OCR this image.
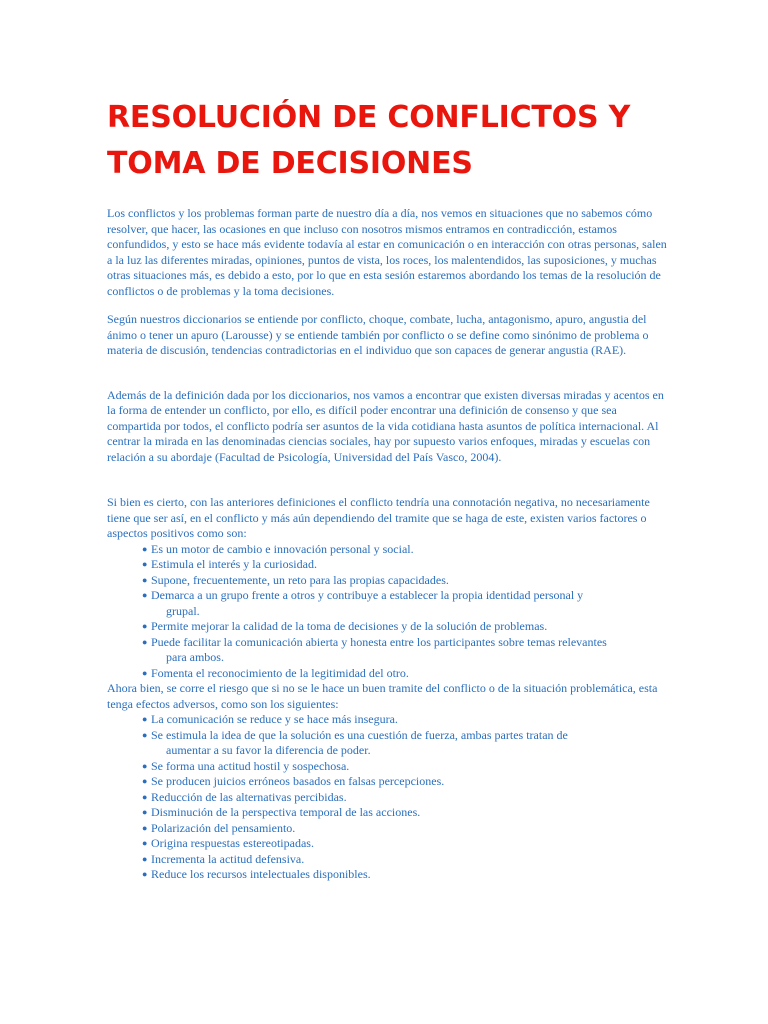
RESOLUCIÓN DE CONFLICTOS Y
TOMA DE DECISIONES

Los conflictos y los problemas forman parte de nuestro día a día, nos vemos en situaciones que no sabemos cómo resolver, que hacer, las ocasiones en que incluso con nosotros mismos entramos en contradicción, estamos confundidos, y esto se hace más evidente todavía al estar en comunicación o en interacción con otras personas, salen a la luz las diferentes miradas, opiniones, puntos de vista, los roces, los malentendidos, las suposiciones, y muchas otras situaciones más, es debido a esto, por lo que en esta sesión estaremos abordando los temas de la resolución de conflictos o de problemas y la toma decisiones.

Según nuestros diccionarios se entiende por conflicto, choque, combate, lucha, antagonismo, apuro, angustia del ánimo o tener un apuro (Larousse) y se entiende también por conflicto o se define como sinónimo de problema o materia de discusión, tendencias contradictorias en el individuo que son capaces de generar angustia (RAE).

Además de la definición dada por los diccionarios, nos vamos a encontrar que existen diversas miradas y acentos en la forma de entender un conflicto, por ello, es difícil poder encontrar una definición de consenso y que sea compartida por todos, el conflicto podría ser asuntos de la vida cotidiana hasta asuntos de política internacional. Al centrar la mirada en las denominadas ciencias sociales, hay por supuesto varios enfoques, miradas y escuelas con relación a su abordaje (Facultad de Psicología, Universidad del País Vasco, 2004).

Si bien es cierto, con las anteriores definiciones el conflicto tendría una connotación negativa, no necesariamente tiene que ser así, en el conflicto y más aún dependiendo del tramite que se haga de este, existen varios factores o aspectos positivos como son:

● Es un motor de cambio e innovación personal y social.
● Estimula el interés y la curiosidad.
● Supone, frecuentemente, un reto para las propias capacidades.
● Demarca a un grupo frente a otros y contribuye a establecer la propia identidad personal y
grupal.
● Permite mejorar la calidad de la toma de decisiones y de la solución de problemas.
● Puede facilitar la comunicación abierta y honesta entre los participantes sobre temas relevantes
para ambos.
● Fomenta el reconocimiento de la legitimidad del otro.

Ahora bien, se corre el riesgo que si no se le hace un buen tramite del conflicto o de la situación problemática, esta tenga efectos adversos, como son los siguientes:

● La comunicación se reduce y se hace más insegura.
● Se estimula la idea de que la solución es una cuestión de fuerza, ambas partes tratan de
aumentar a su favor la diferencia de poder.
● Se forma una actitud hostil y sospechosa.
● Se producen juicios erróneos basados en falsas percepciones.
● Reducción de las alternativas percibidas.
● Disminución de la perspectiva temporal de las acciones.
● Polarización del pensamiento.
● Origina respuestas estereotipadas.
● Incrementa la actitud defensiva.
● Reduce los recursos intelectuales disponibles.
